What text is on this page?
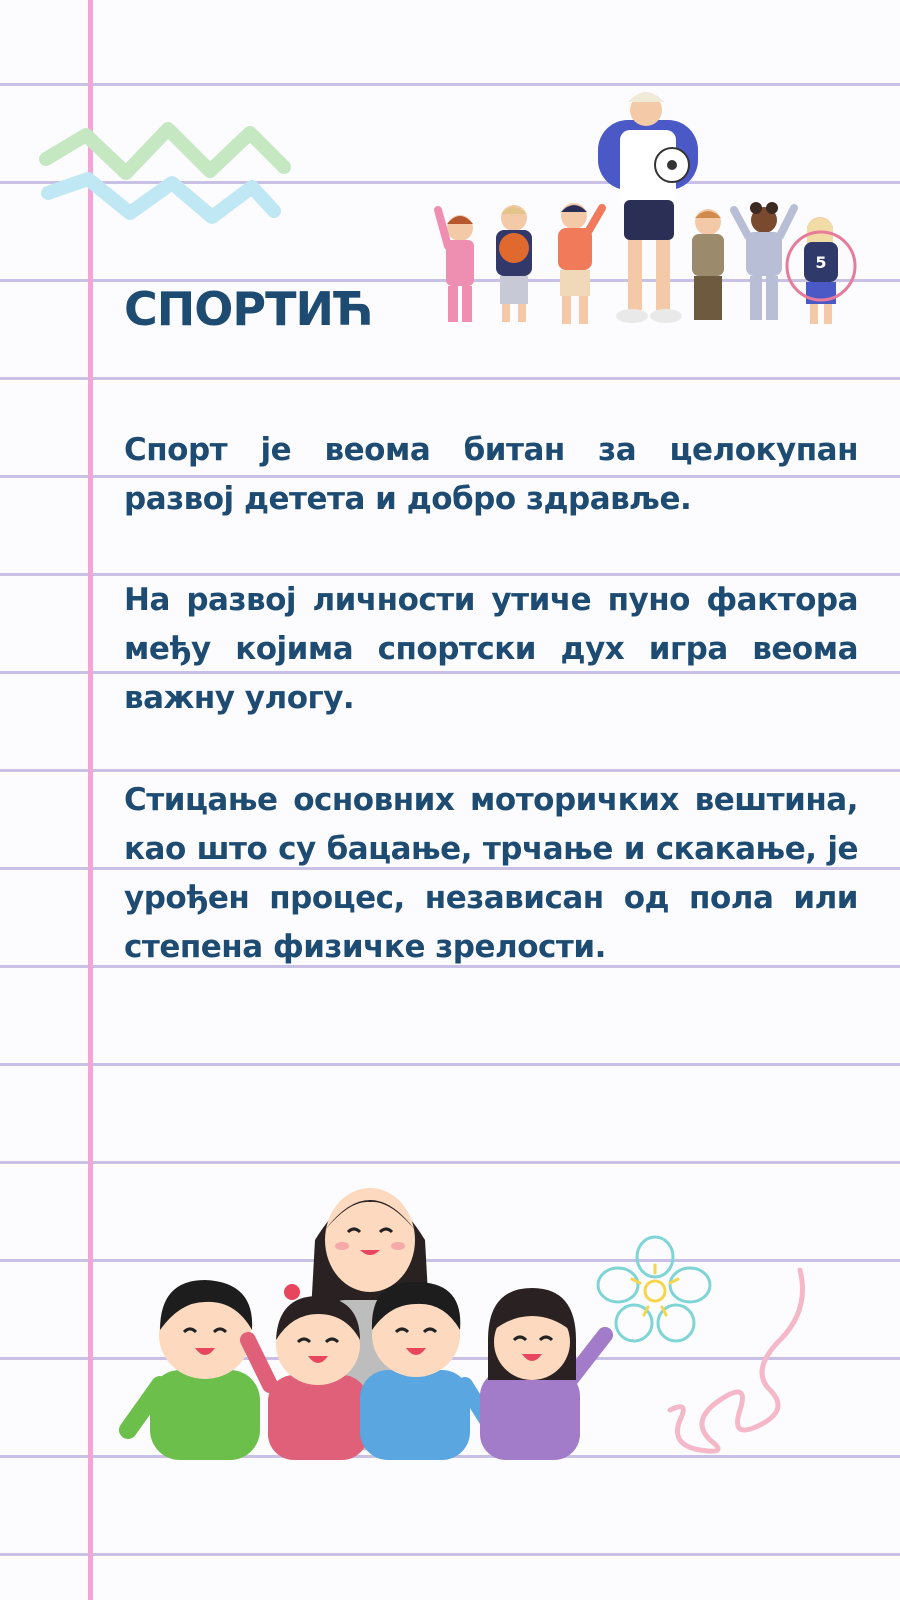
СПОРТИЋ
5

Спорт је веома битан за целокупан развој детета и добро здравље.

На развој личности утиче пуно фактора међу којима спортски дух игра веома важну улогу.

Стицање основних моторичких вештина, као што су бацање, трчање и скакање, је урођен процес, независан од пола или степена физичке зрелости.
